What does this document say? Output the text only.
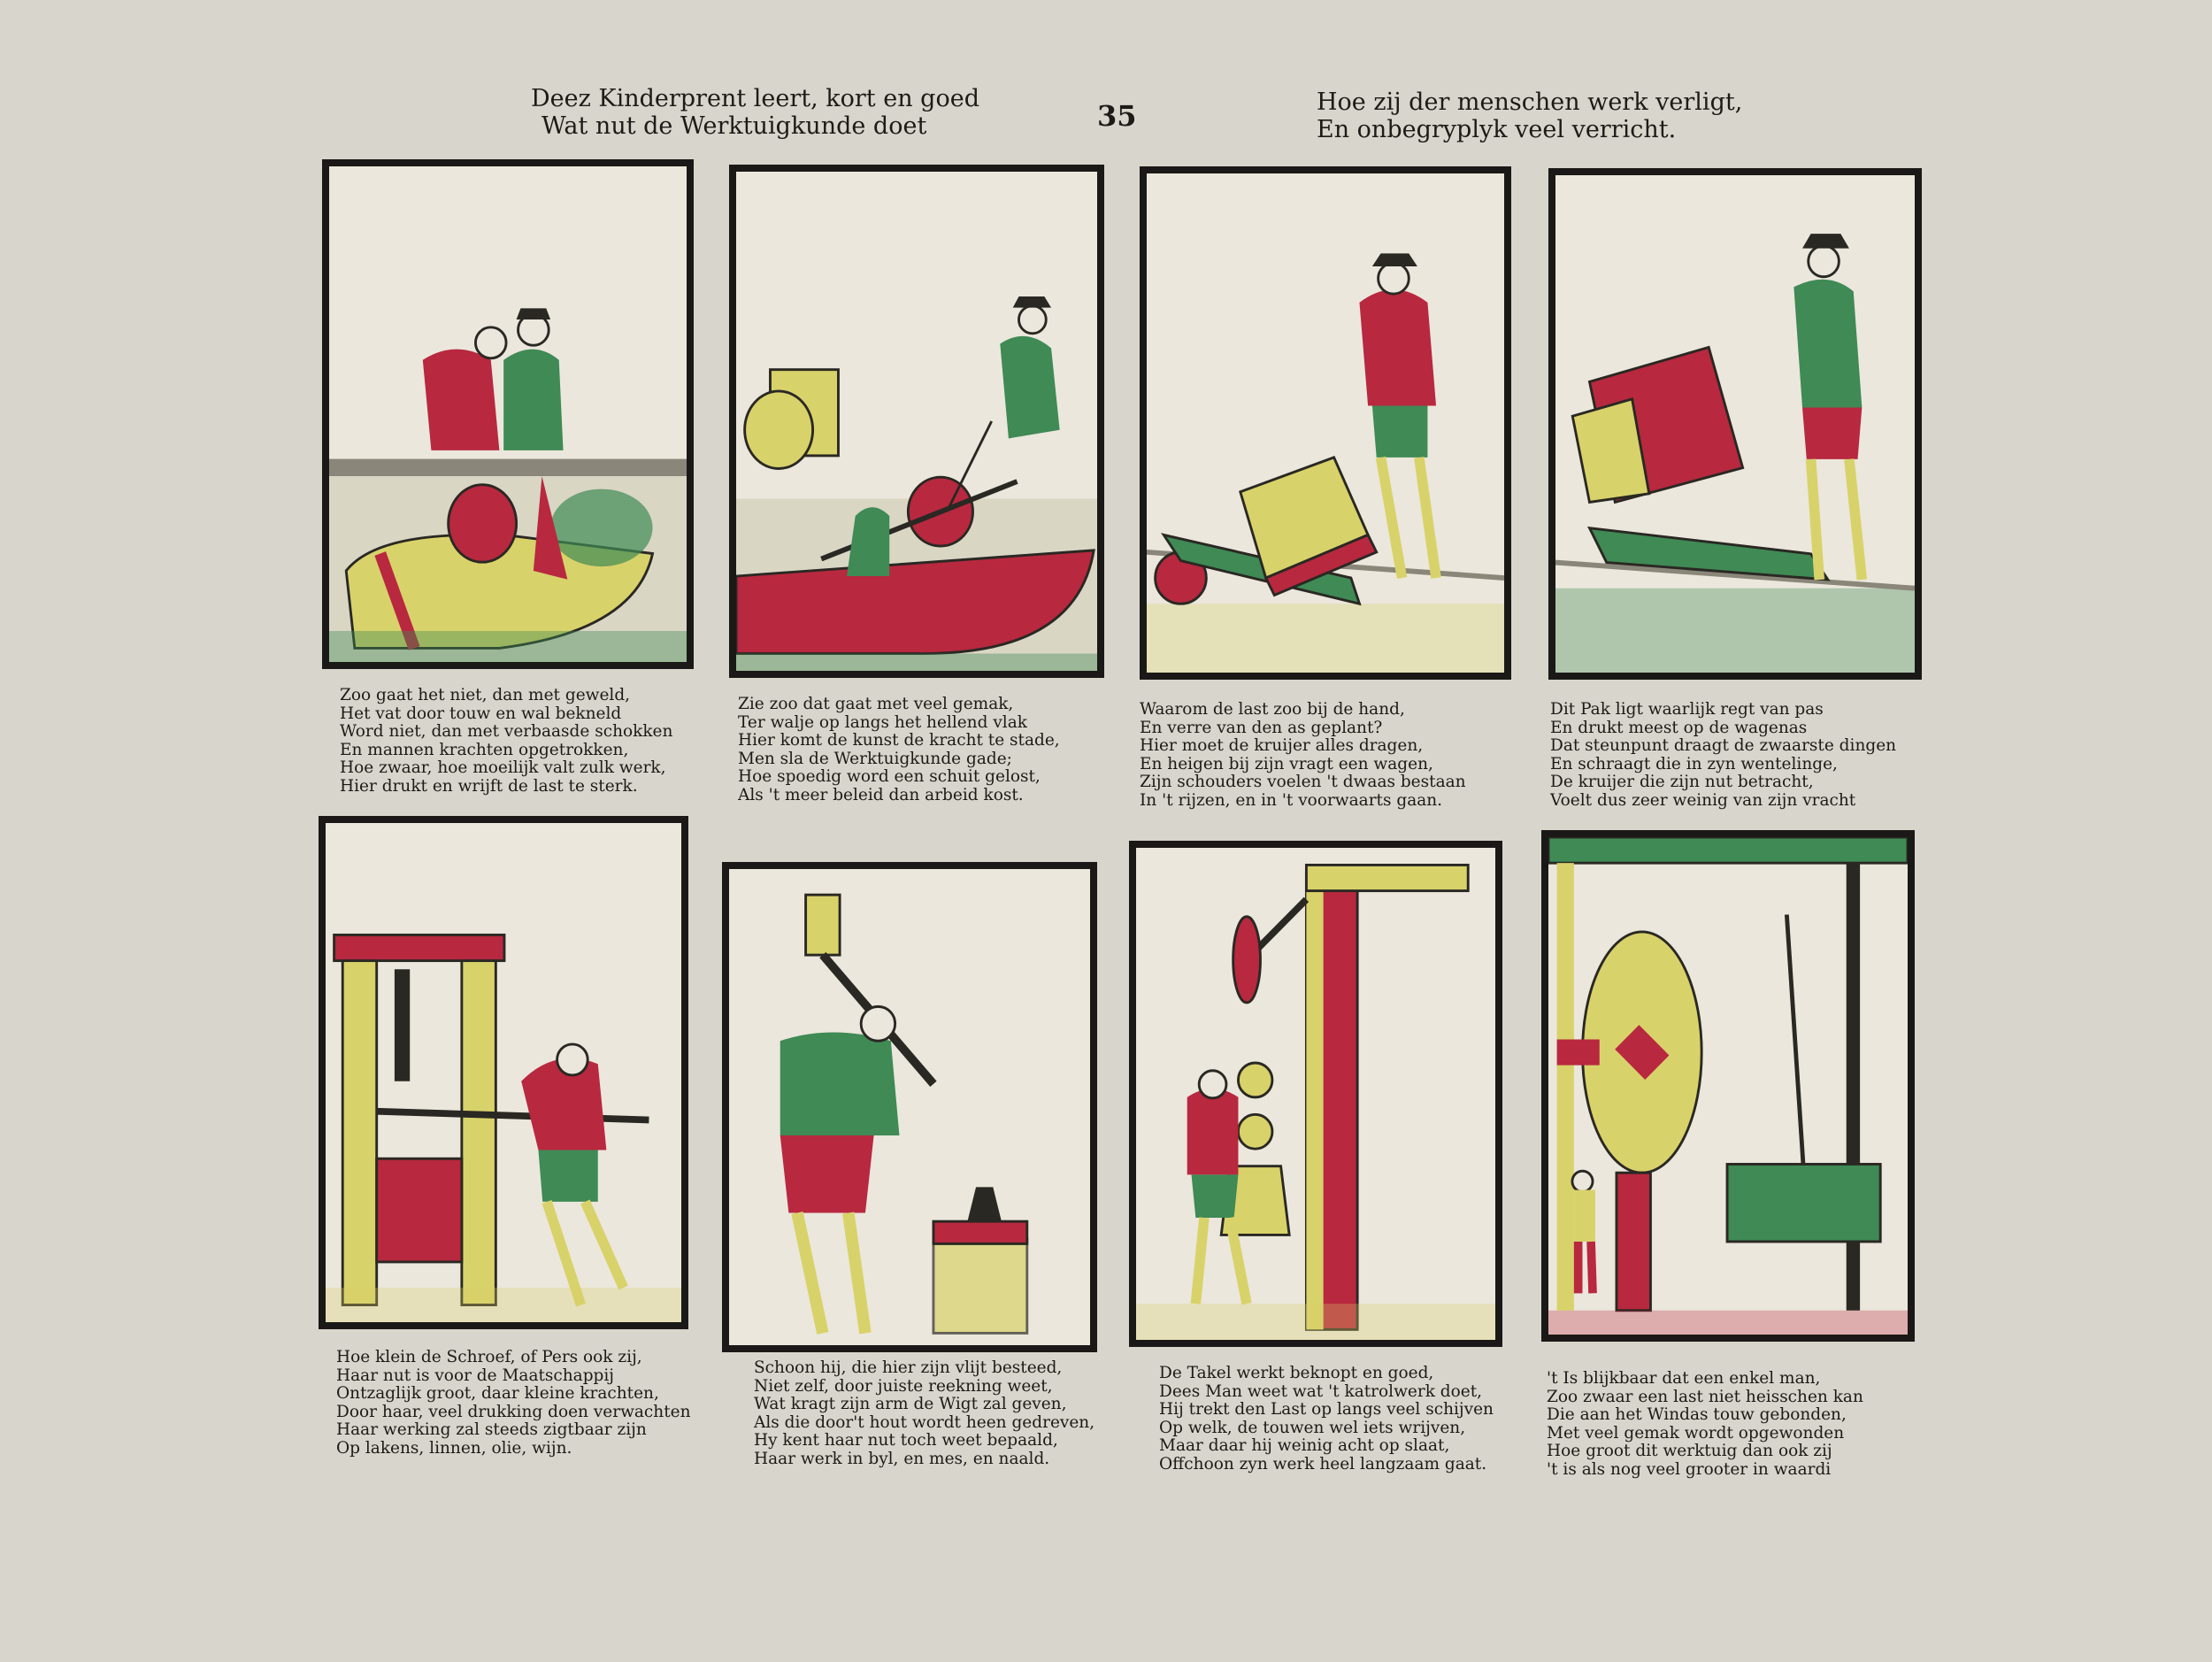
Deez Kinderprent leert, kort en goed
Wat nut de Werktuigkunde doet	35	Hoe zij der menschen werk verligt,
En onbegryplyk veel verricht.
Zoo gaat het niet, dan met geweld,
Het vat door touw en wal bekneld
Word niet, dan met verbaasde schokken
En mannen krachten opgetrokken,
Hoe zwaar, hoe moeilijk valt zulk werk,
Hier drukt en wrijft de last te sterk.
Zie zoo dat gaat met veel gemak,
Ter walje op langs het hellend vlak
Hier komt de kunst de kracht te stade,
Men sla de Werktuigkunde gade;
Hoe spoedig word een schuit gelost,
Als 't meer beleid dan arbeid kost.
Waarom de last zoo bij de hand,
En verre van den as geplant?
Hier moet de kruijer alles dragen,
En heigen bij zijn vragt een wagen,
Zijn schouders voelen 't dwaas bestaan
In 't rijzen, en in 't voorwaarts gaan.
Dit Pak ligt waarlijk regt van pas
En drukt meest op de wagenas
Dat steunpunt draagt de zwaarste dingen
En schraagt die in zyn wentelinge,
De kruijer die zijn nut betracht,
Voelt dus zeer weinig van zijn vracht
Hoe klein de Schroef, of Pers ook zij,
Haar nut is voor de Maatschappij
Ontzaglijk groot, daar kleine krachten,
Door haar, veel drukking doen verwachten
Haar werking zal steeds zigtbaar zijn
Op lakens, linnen, olie, wijn.
Schoon hij, die hier zijn vlijt besteed,
Niet zelf, door juiste reekning weet,
Wat kragt zijn arm de Wigt zal geven,
Als die door't hout wordt heen gedreven,
Hy kent haar nut toch weet bepaald,
Haar werk in byl, en mes, en naald.
De Takel werkt beknopt en goed,
Dees Man weet wat 't katrolwerk doet,
Hij trekt den Last op langs veel schijven
Op welk, de touwen wel iets wrijven,
Maar daar hij weinig acht op slaat,
Offchoon zyn werk heel langzaam gaat.
't Is blijkbaar dat een enkel man,
Zoo zwaar een last niet heisschen kan
Die aan het Windas touw gebonden,
Met veel gemak wordt opgewonden
Hoe groot dit werktuig dan ook zij
't is als nog veel grooter in waardi
